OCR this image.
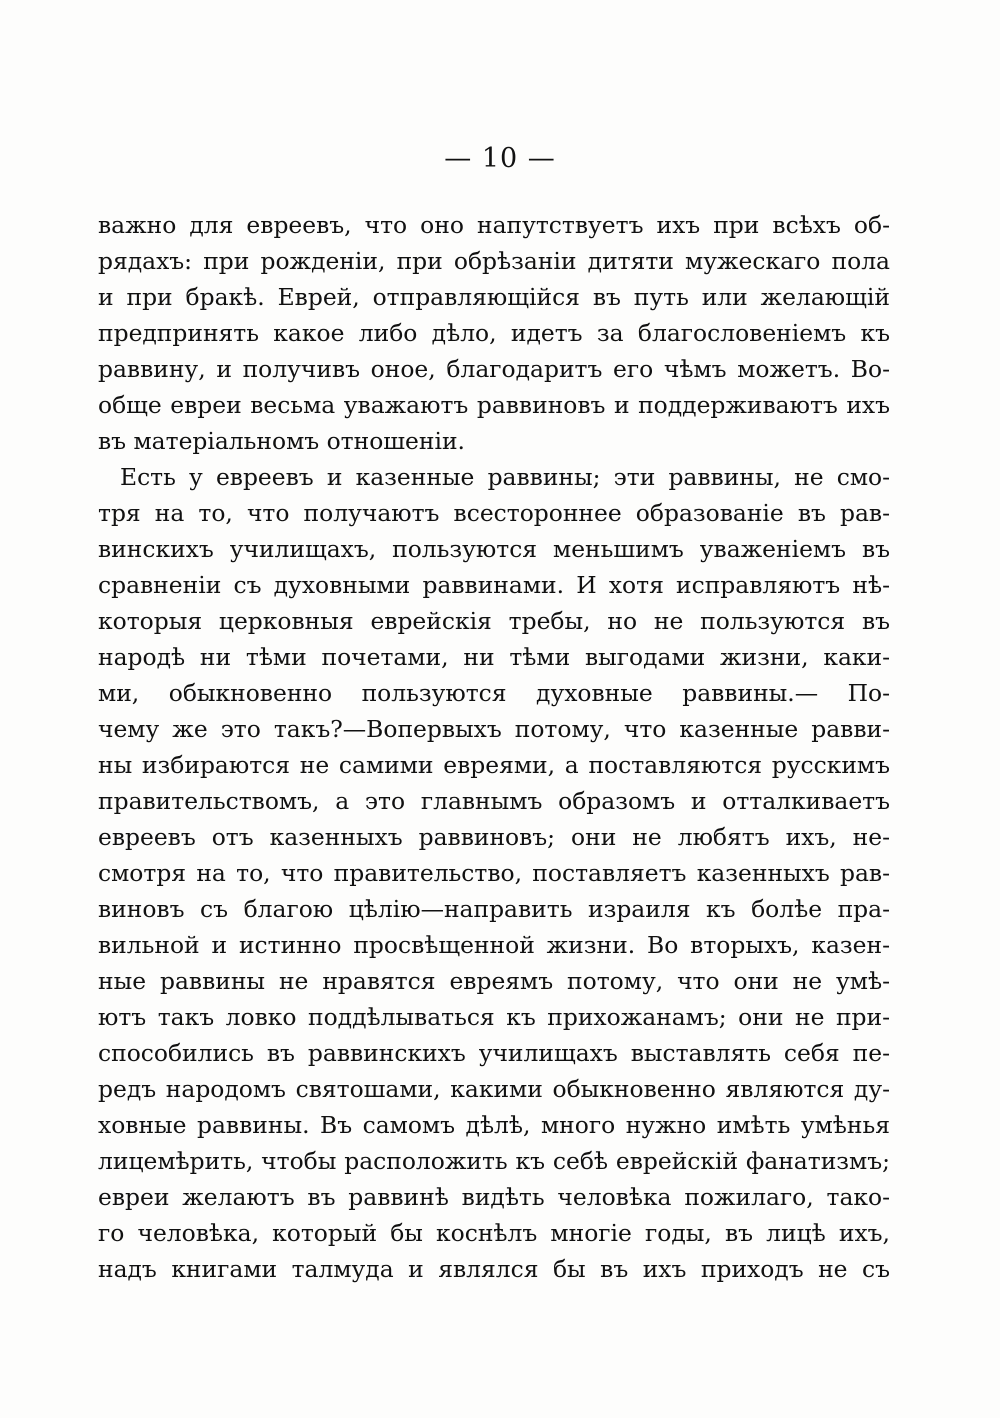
— 10 —
важно для евреевъ, что оно напутствуетъ ихъ при всѣхъ об-
рядахъ: при рожденіи, при обрѣзаніи дитяти мужескаго пола
и при бракѣ. Еврей, отправляющійся въ путь или желающій
предпринять какое либо дѣло, идетъ за благословеніемъ къ
раввину, и получивъ оное, благодаритъ его чѣмъ можетъ. Во-
обще евреи весьма уважаютъ раввиновъ и поддерживаютъ ихъ
въ матеріальномъ отношеніи.
Есть у евреевъ и казенные раввины; эти раввины, не смо-
тря на то, что получаютъ всестороннее образованіе въ рав-
винскихъ училищахъ, пользуются меньшимъ уваженіемъ въ
сравненіи съ духовными раввинами. И хотя исправляютъ нѣ-
которыя церковныя еврейскія требы, но не пользуются въ
народѣ ни тѣми почетами, ни тѣми выгодами жизни, каки-
ми, обыкновенно пользуются духовные раввины.— По-
чему же это такъ?—Вопервыхъ потому, что казенные равви-
ны избираются не самими евреями, а поставляются русскимъ
правительствомъ, а это главнымъ образомъ и отталкиваетъ
евреевъ отъ казенныхъ раввиновъ; они не любятъ ихъ, не-
смотря на то, что правительство, поставляетъ казенныхъ рав-
виновъ съ благою цѣлію—направить израиля къ болѣе пра-
вильной и истинно просвѣщенной жизни. Во вторыхъ, казен-
ные раввины не нравятся евреямъ потому, что они не умѣ-
ютъ такъ ловко поддѣлываться къ прихожанамъ; они не при-
способились въ раввинскихъ училищахъ выставлять себя пе-
редъ народомъ святошами, какими обыкновенно являются ду-
ховные раввины. Въ самомъ дѣлѣ, много нужно имѣть умѣнья
лицемѣрить, чтобы расположить къ себѣ еврейскій фанатизмъ;
евреи желаютъ въ раввинѣ видѣть человѣка пожилаго, тако-
го человѣка, который бы коснѣлъ многіе годы, въ лицѣ ихъ,
надъ книгами талмуда и являлся бы въ ихъ приходъ не съ
